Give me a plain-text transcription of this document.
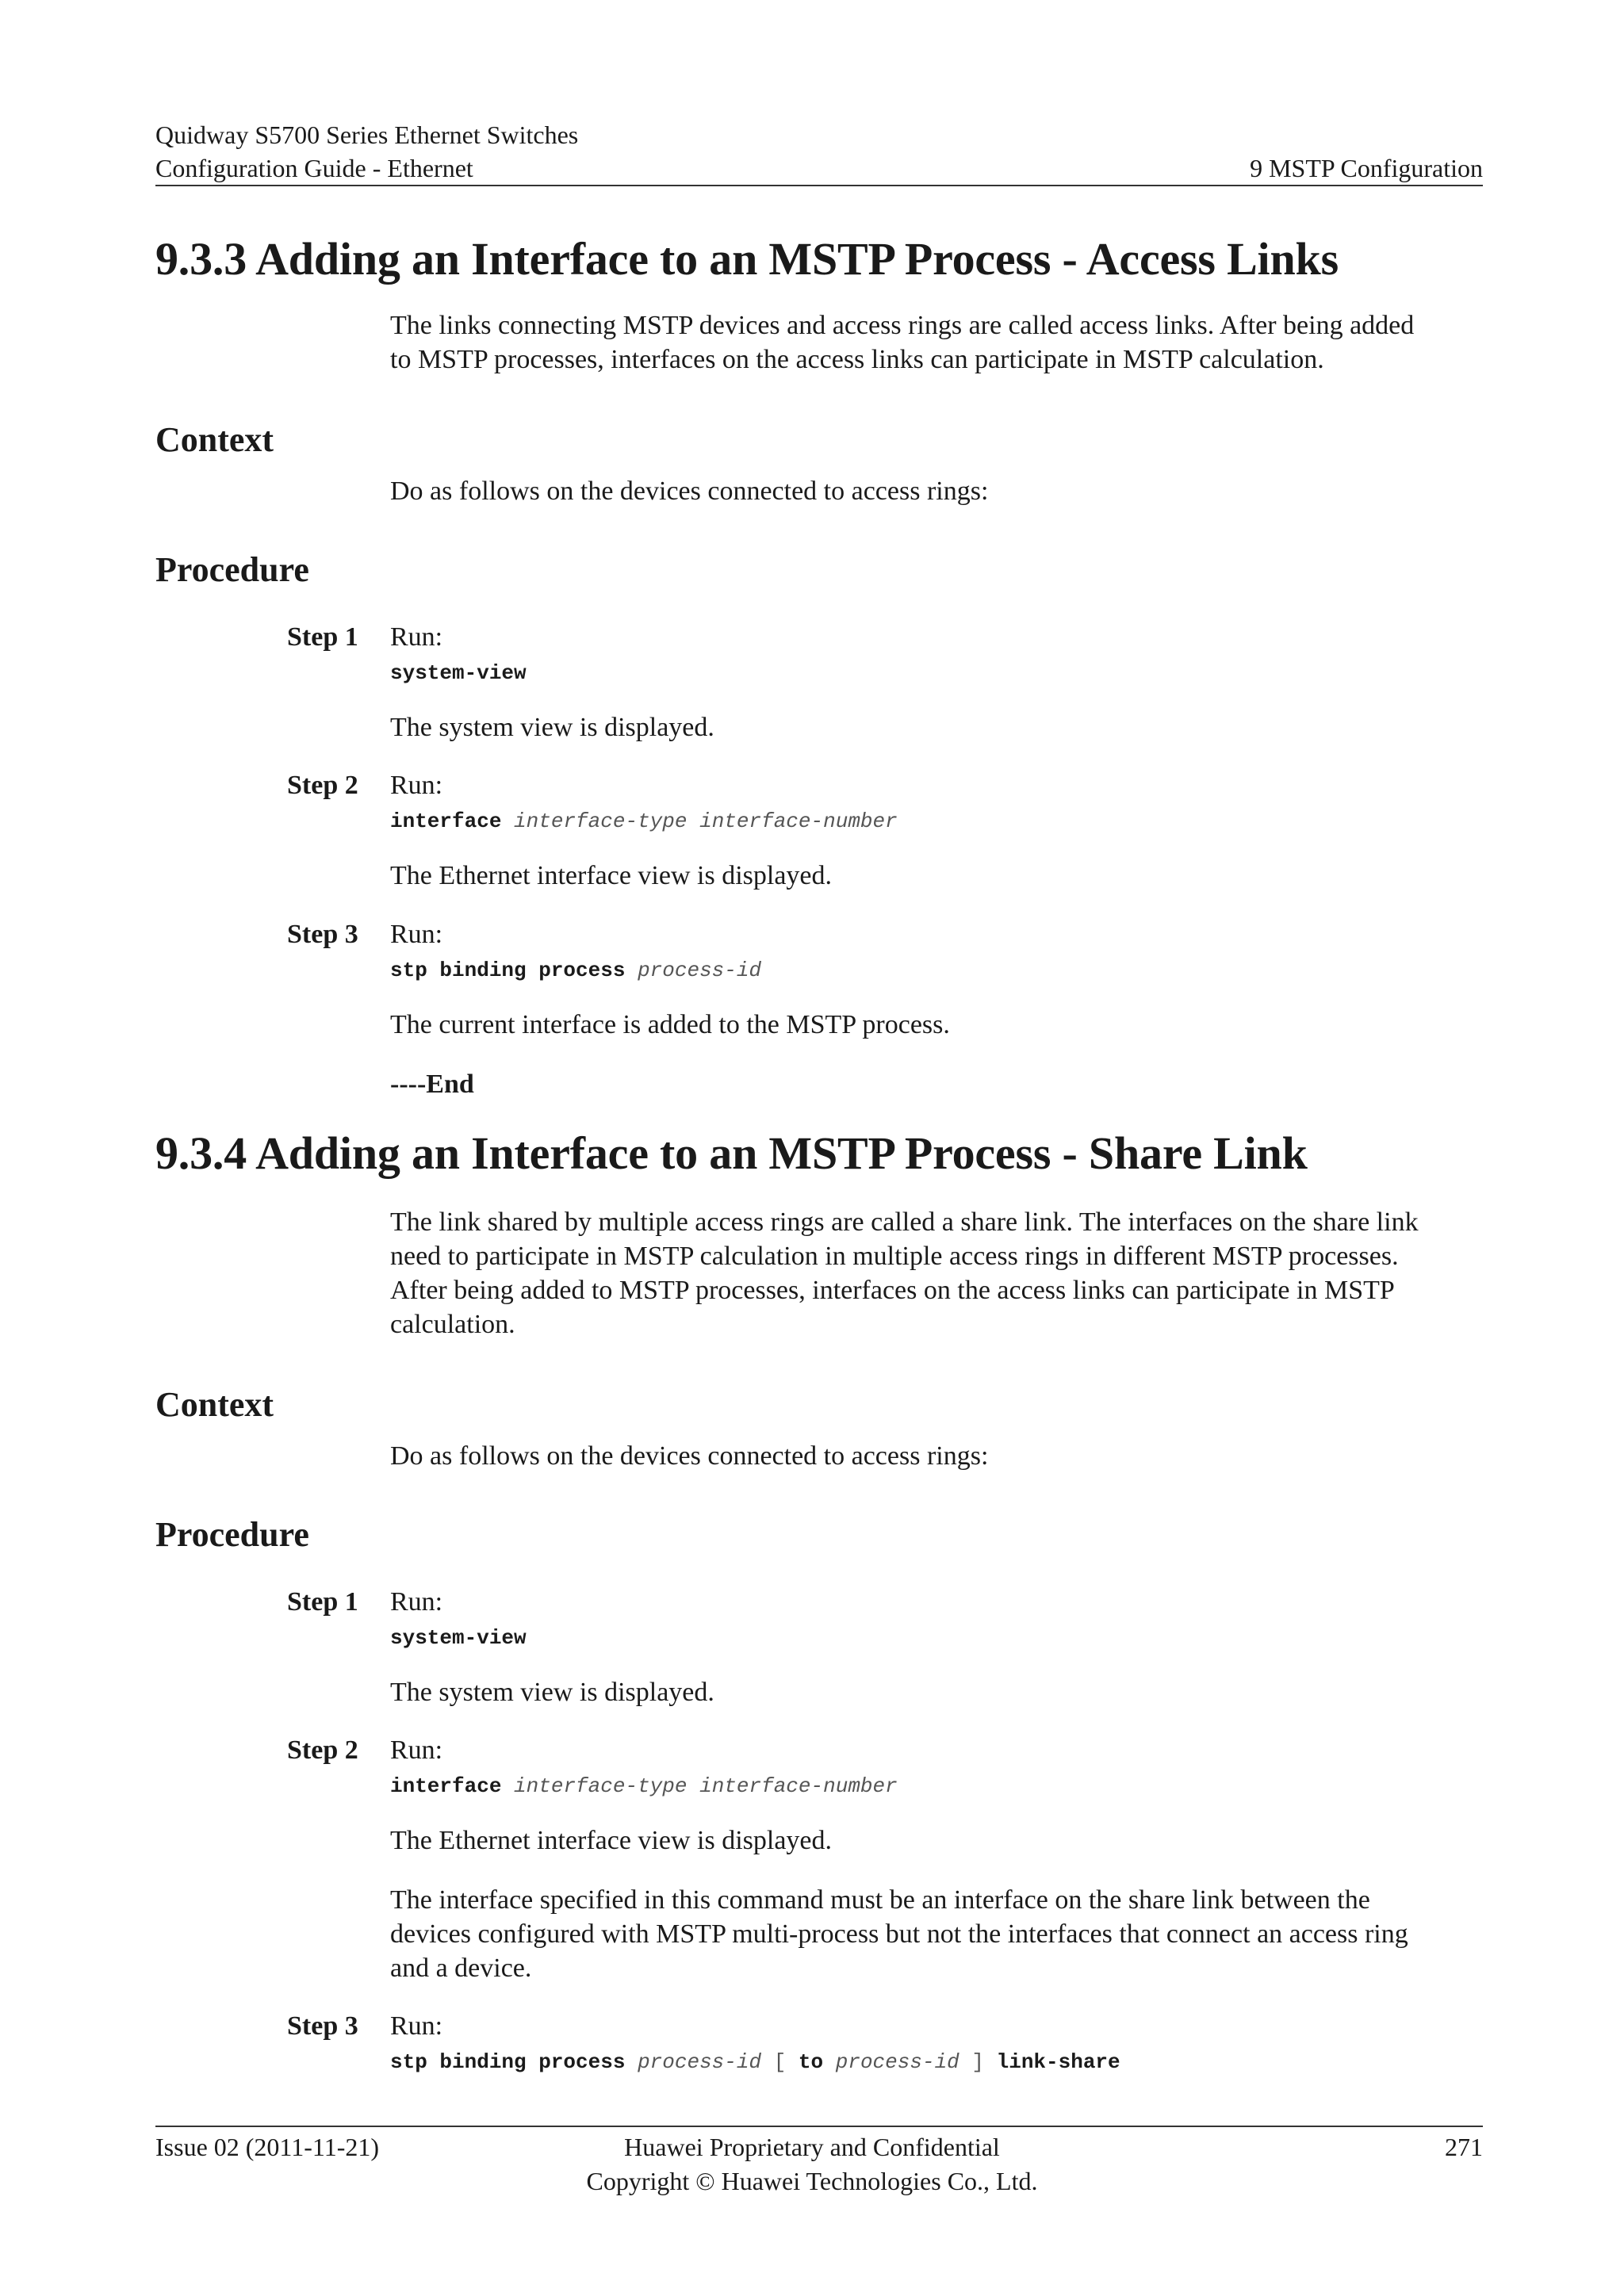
Quidway S5700 Series Ethernet Switches
Configuration Guide - Ethernet	9 MSTP Configuration
9.3.3 Adding an Interface to an MSTP Process - Access Links
The links connecting MSTP devices and access rings are called access links. After being added
to MSTP processes, interfaces on the access links can participate in MSTP calculation.
Context
Do as follows on the devices connected to access rings:
Procedure
Step 1 Run:
system-view
The system view is displayed.
Step 2 Run:
interface interface-type interface-number
The Ethernet interface view is displayed.
Step 3 Run:
stp binding process process-id
The current interface is added to the MSTP process.
----End
9.3.4 Adding an Interface to an MSTP Process - Share Link
The link shared by multiple access rings are called a share link. The interfaces on the share link
need to participate in MSTP calculation in multiple access rings in different MSTP processes.
After being added to MSTP processes, interfaces on the access links can participate in MSTP
calculation.
Context
Do as follows on the devices connected to access rings:
Procedure
Step 1 Run:
system-view
The system view is displayed.
Step 2 Run:
interface interface-type interface-number
The Ethernet interface view is displayed.
The interface specified in this command must be an interface on the share link between the
devices configured with MSTP multi-process but not the interfaces that connect an access ring
and a device.
Step 3 Run:
stp binding process process-id [ to process-id ] link-share
Issue 02 (2011-11-21)	Huawei Proprietary and Confidential
Copyright © Huawei Technologies Co., Ltd.
271
